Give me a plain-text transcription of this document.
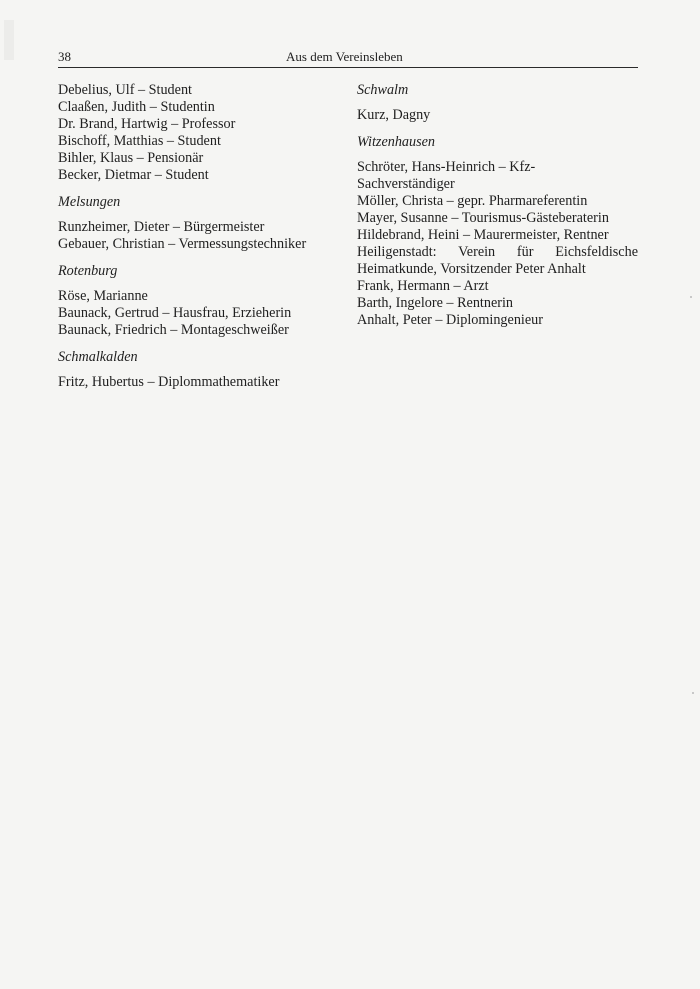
38	Aus dem Vereinsleben
Debelius, Ulf – Student
Claaßen, Judith – Studentin
Dr. Brand, Hartwig – Professor
Bischoff, Matthias – Student
Bihler, Klaus – Pensionär
Becker, Dietmar – Student

Melsungen

Runzheimer, Dieter – Bürgermeister
Gebauer, Christian – Vermessungstechniker

Rotenburg

Röse, Marianne
Baunack, Gertrud – Hausfrau, Erzieherin
Baunack, Friedrich – Montageschweißer

Schmalkalden

Fritz, Hubertus – Diplommathematiker

Schwalm

Kurz, Dagny

Witzenhausen

Schröter, Hans-Heinrich – Kfz-
Sachverständiger
Möller, Christa – gepr. Pharmareferentin
Mayer, Susanne – Tourismus-Gästeberaterin
Hildebrand, Heini – Maurermeister, Rentner
Heiligenstadt: Verein für Eichsfeldische
Heimatkunde, Vorsitzender Peter Anhalt
Frank, Hermann – Arzt
Barth, Ingelore – Rentnerin
Anhalt, Peter – Diplomingenieur
